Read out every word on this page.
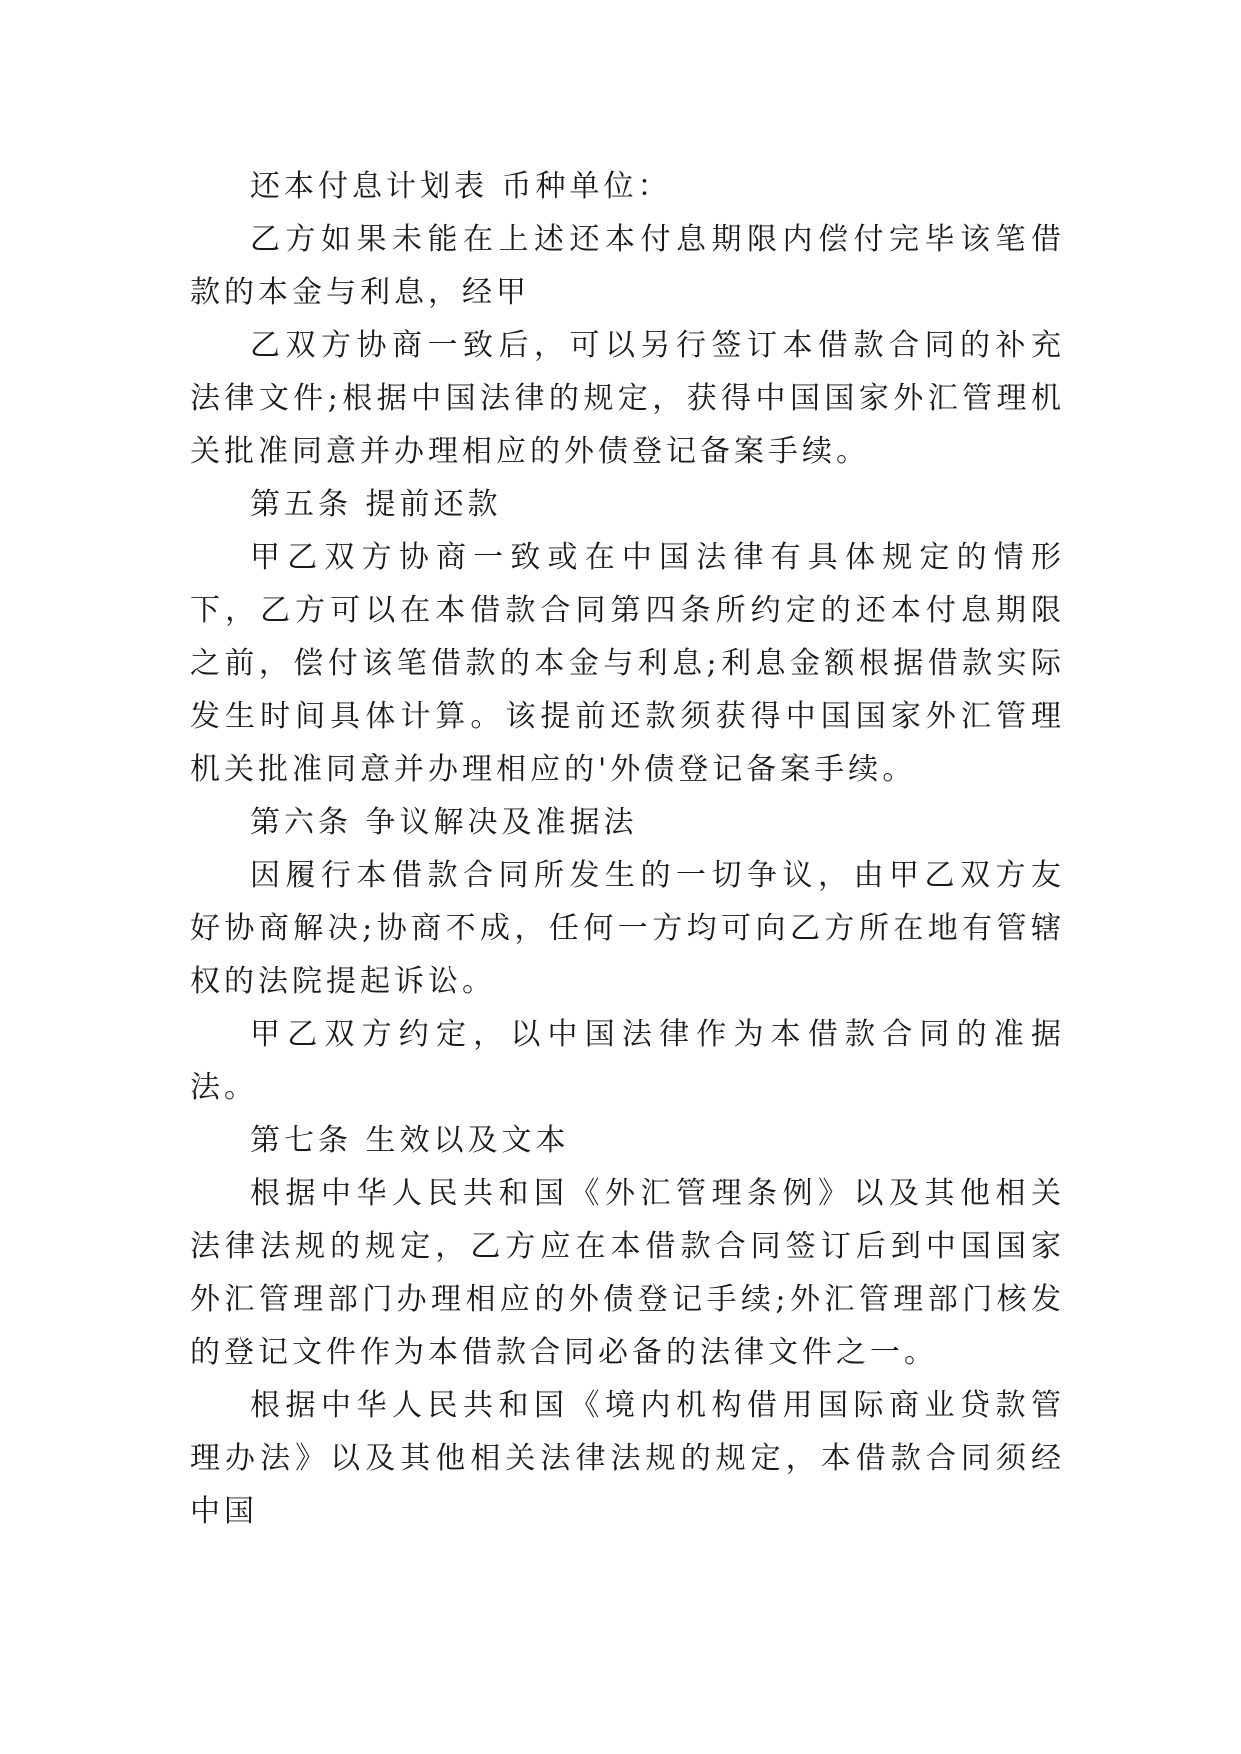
还本付息计划表 币种单位：

乙方如果未能在上述还本付息期限内偿付完毕该笔借款的本金与利息，经甲

乙双方协商一致后，可以另行签订本借款合同的补充法律文件;根据中国法律的规定，获得中国国家外汇管理机关批准同意并办理相应的外债登记备案手续。

第五条 提前还款

甲乙双方协商一致或在中国法律有具体规定的情形下，乙方可以在本借款合同第四条所约定的还本付息期限之前，偿付该笔借款的本金与利息;利息金额根据借款实际发生时间具体计算。该提前还款须获得中国国家外汇管理机关批准同意并办理相应的'外债登记备案手续。

第六条 争议解决及准据法

因履行本借款合同所发生的一切争议，由甲乙双方友好协商解决;协商不成，任何一方均可向乙方所在地有管辖权的法院提起诉讼。

甲乙双方约定，以中国法律作为本借款合同的准据法。

第七条 生效以及文本

根据中华人民共和国《外汇管理条例》以及其他相关法律法规的规定，乙方应在本借款合同签订后到中国国家外汇管理部门办理相应的外债登记手续;外汇管理部门核发的登记文件作为本借款合同必备的法律文件之一。

根据中华人民共和国《境内机构借用国际商业贷款管理办法》以及其他相关法律法规的规定，本借款合同须经中国
